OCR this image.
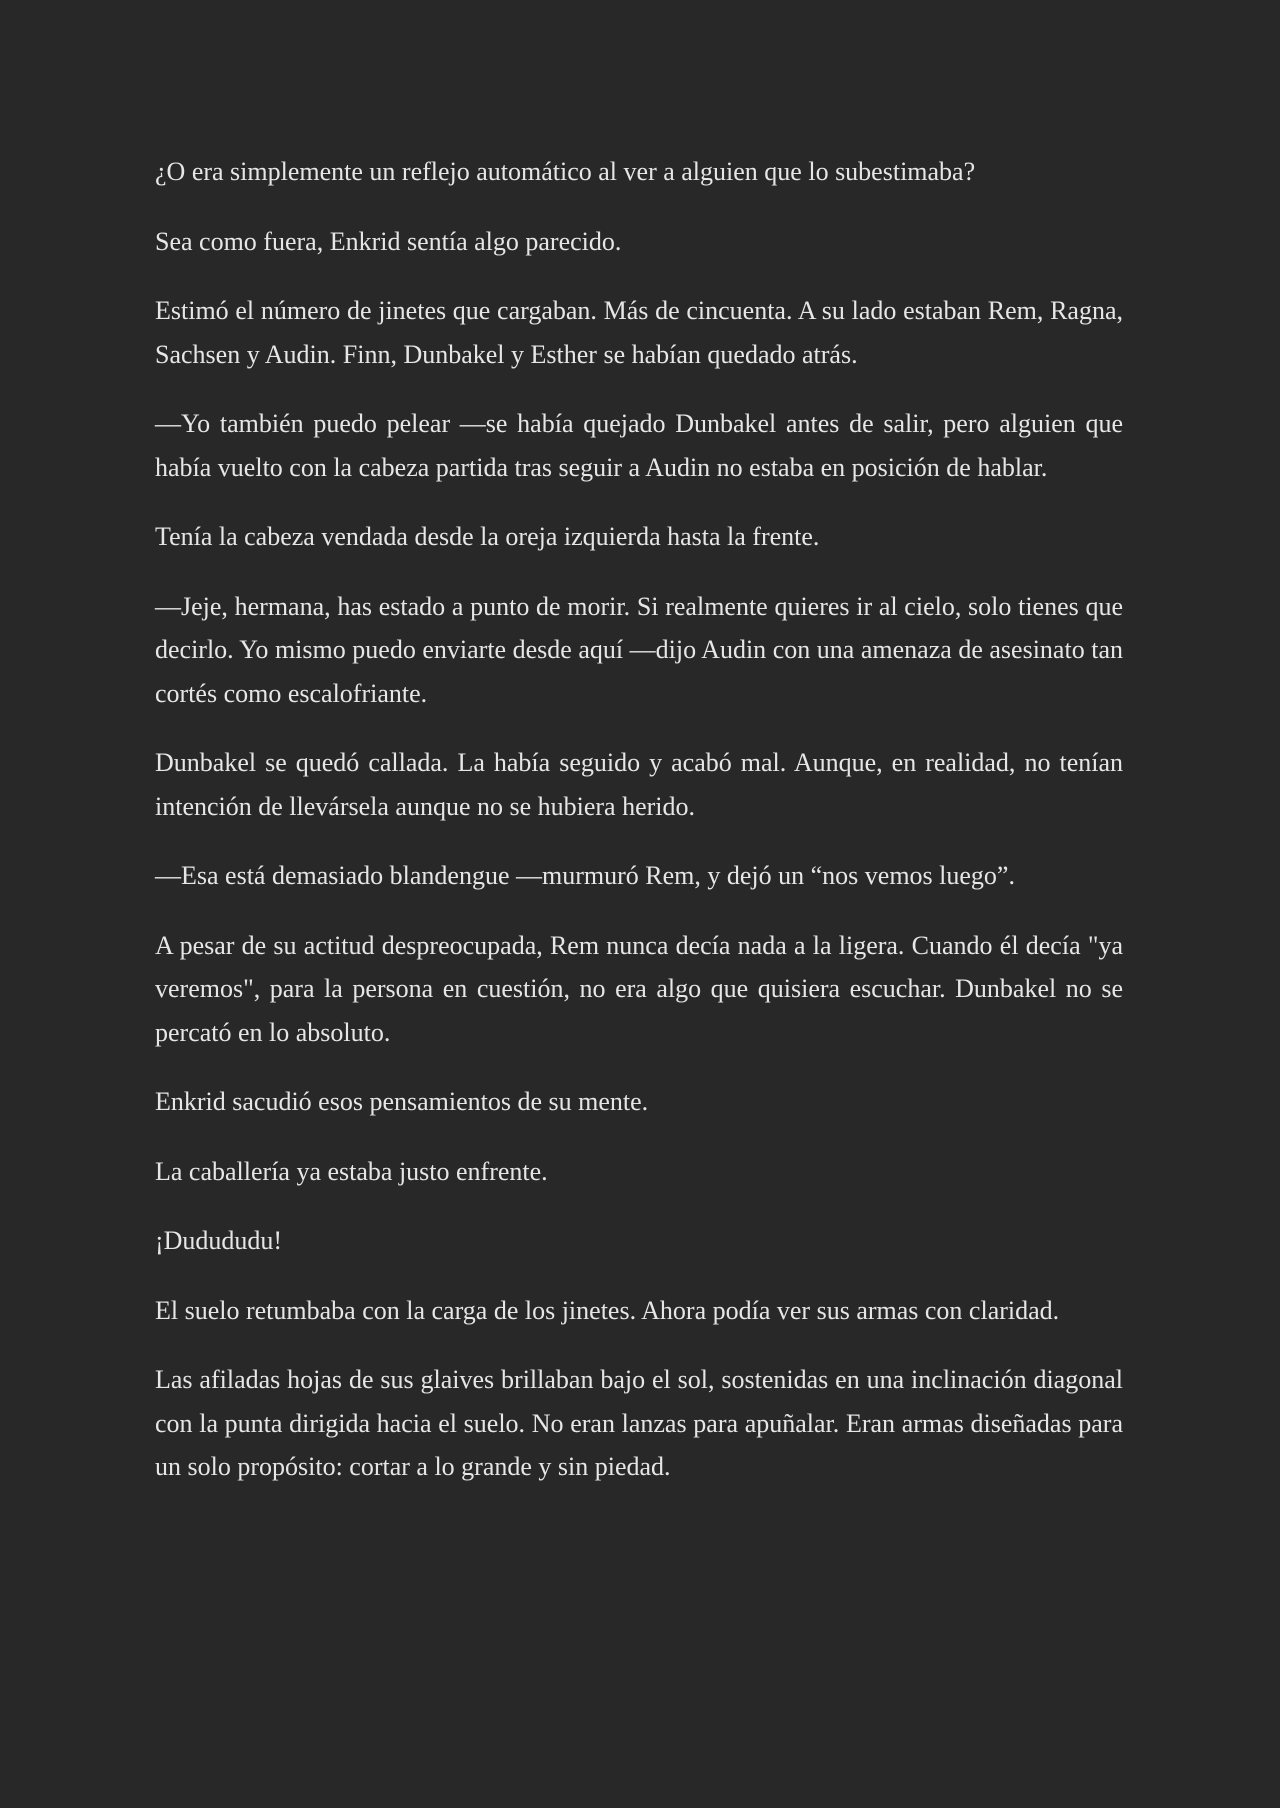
¿O era simplemente un reflejo automático al ver a alguien que lo subestimaba?

Sea como fuera, Enkrid sentía algo parecido.

Estimó el número de jinetes que cargaban. Más de cincuenta. A su lado estaban Rem, Ragna, Sachsen y Audin. Finn, Dunbakel y Esther se habían quedado atrás.

—Yo también puedo pelear —se había quejado Dunbakel antes de salir, pero alguien que había vuelto con la cabeza partida tras seguir a Audin no estaba en posición de hablar.

Tenía la cabeza vendada desde la oreja izquierda hasta la frente.

—Jeje, hermana, has estado a punto de morir. Si realmente quieres ir al cielo, solo tienes que decirlo. Yo mismo puedo enviarte desde aquí —dijo Audin con una amenaza de asesinato tan cortés como escalofriante.

Dunbakel se quedó callada. La había seguido y acabó mal. Aunque, en realidad, no tenían intención de llevársela aunque no se hubiera herido.

—Esa está demasiado blandengue —murmuró Rem, y dejó un “nos vemos luego”.

A pesar de su actitud despreocupada, Rem nunca decía nada a la ligera. Cuando él decía "ya veremos", para la persona en cuestión, no era algo que quisiera escuchar. Dunbakel no se percató en lo absoluto.

Enkrid sacudió esos pensamientos de su mente.

La caballería ya estaba justo enfrente.

¡Dudududu!

El suelo retumbaba con la carga de los jinetes. Ahora podía ver sus armas con claridad.

Las afiladas hojas de sus glaives brillaban bajo el sol, sostenidas en una inclinación diagonal con la punta dirigida hacia el suelo. No eran lanzas para apuñalar. Eran armas diseñadas para un solo propósito: cortar a lo grande y sin piedad.
